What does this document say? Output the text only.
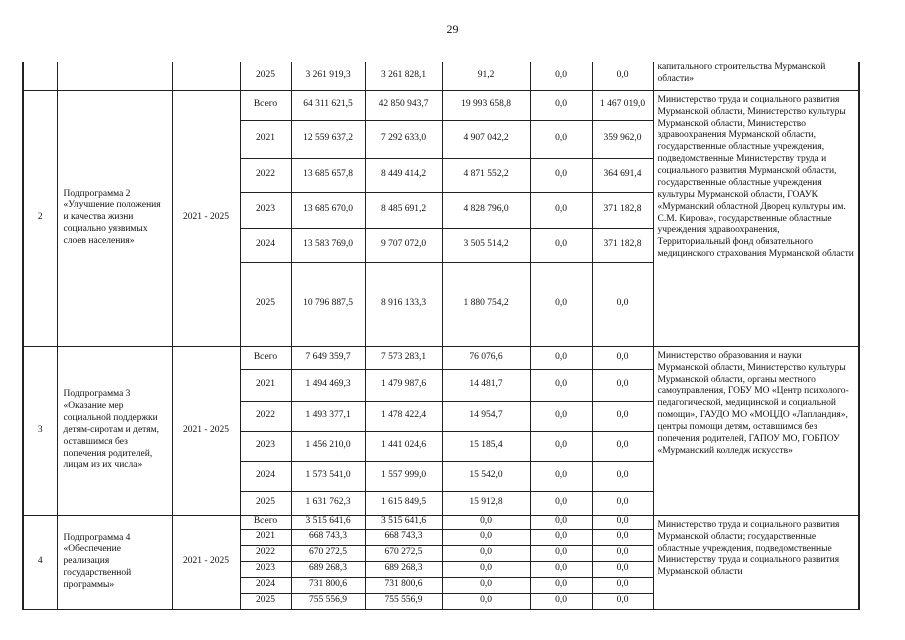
29
			2025	3 261 919,3	3 261 828,1	91,2	0,0	0,0	капитального строительства Мурманской области»
2	Подпрограмма 2 «Улучшение положения и качества жизни социально уязвимых слоев населения»	2021 - 2025	Всего	64 311 621,5	42 850 943,7	19 993 658,8	0,0	1 467 019,0	Министерство труда и социального развития Мурманской области, Министерство культуры Мурманской области, Министерство здравоохранения Мурманской области, государственные областные учреждения, подведомственные Министерству труда и социального развития Мурманской области, государственные областные учреждения культуры Мурманской области, ГОАУК «Мурманский областной Дворец культуры им. С.М. Кирова», государственные областные учреждения здравоохранения, Территориальный фонд обязательного медицинского страхования Мурманской области
			2021	12 559 637,2	7 292 633,0	4 907 042,2	0,0	359 962,0	
			2022	13 685 657,8	8 449 414,2	4 871 552,2	0,0	364 691,4	
			2023	13 685 670,0	8 485 691,2	4 828 796,0	0,0	371 182,8	
			2024	13 583 769,0	9 707 072,0	3 505 514,2	0,0	371 182,8	
			2025	10 796 887,5	8 916 133,3	1 880 754,2	0,0	0,0	
3	Подпрограмма 3 «Оказание мер социальной поддержки детям-сиротам и детям, оставшимся без попечения родителей, лицам из их числа»	2021 - 2025	Всего	7 649 359,7	7 573 283,1	76 076,6	0,0	0,0	Министерство образования и науки Мурманской области, Министерство культуры Мурманской области, органы местного самоуправления, ГОБУ МО «Центр психолого-педагогической, медицинской и социальной помощи», ГАУДО МО «МОЦДО «Лапландия», центры помощи детям, оставшимся без попечения родителей, ГАПОУ МО, ГОБПОУ «Мурманский колледж искусств»
			2021	1 494 469,3	1 479 987,6	14 481,7	0,0	0,0	
			2022	1 493 377,1	1 478 422,4	14 954,7	0,0	0,0	
			2023	1 456 210,0	1 441 024,6	15 185,4	0,0	0,0	
			2024	1 573 541,0	1 557 999,0	15 542,0	0,0	0,0	
			2025	1 631 762,3	1 615 849,5	15 912,8	0,0	0,0	
4	Подпрограмма 4 «Обеспечение реализация государственной программы»	2021 - 2025	Всего	3 515 641,6	3 515 641,6	0,0	0,0	0,0	Министерство труда и социального развития Мурманской области; государственные областные учреждения, подведомственные Министерству труда и социального развития Мурманской области
			2021	668 743,3	668 743,3	0,0	0,0	0,0	
			2022	670 272,5	670 272,5	0,0	0,0	0,0	
			2023	689 268,3	689 268,3	0,0	0,0	0,0	
			2024	731 800,6	731 800,6	0,0	0,0	0,0	
			2025	755 556,9	755 556,9	0,0	0,0	0,0	
